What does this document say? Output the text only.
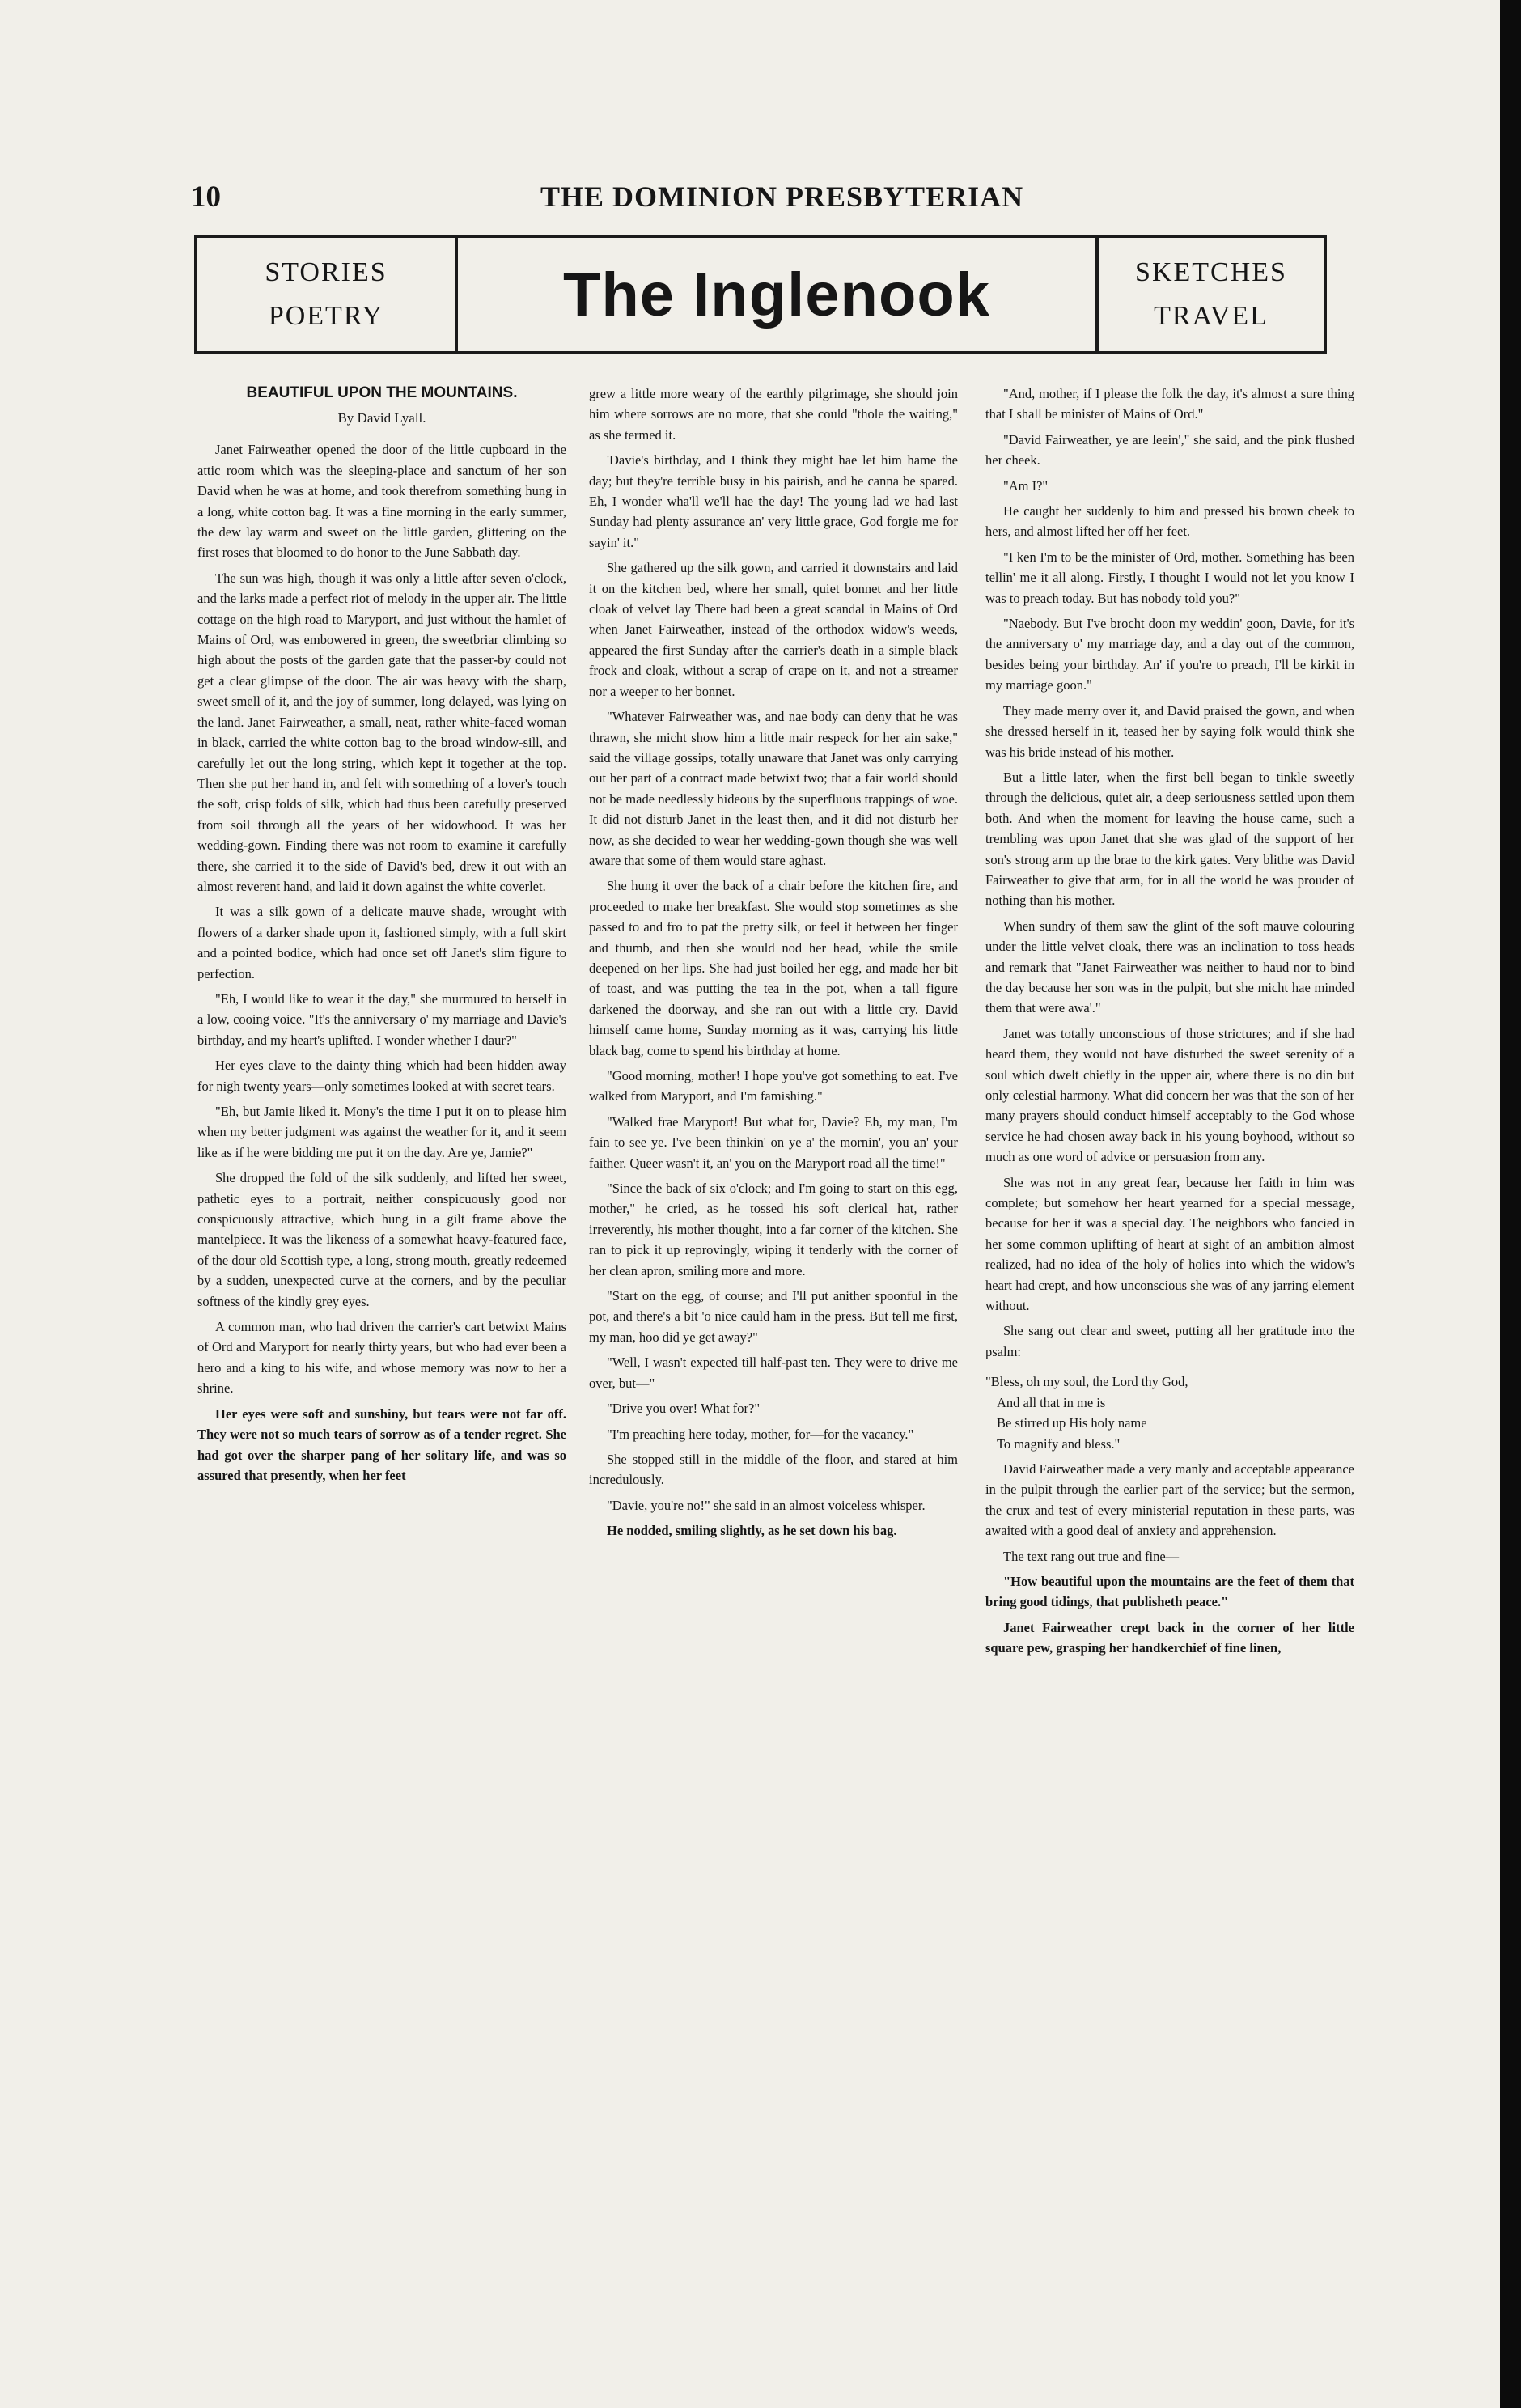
10	THE DOMINION PRESBYTERIAN
STORIES
POETRY	The Inglenook	SKETCHES
TRAVEL

BEAUTIFUL UPON THE MOUNTAINS.

By David Lyall.

Janet Fairweather opened the door of the little cupboard in the attic room which was the sleeping-place and sanctum of her son David when he was at home, and took therefrom something hung in a long, white cotton bag. It was a fine morning in the early summer, the dew lay warm and sweet on the little garden, glittering on the first roses that bloomed to do honor to the June Sabbath day.

The sun was high, though it was only a little after seven o'clock, and the larks made a perfect riot of melody in the upper air. The little cottage on the high road to Maryport, and just without the hamlet of Mains of Ord, was embowered in green, the sweetbriar climbing so high about the posts of the garden gate that the passer-by could not get a clear glimpse of the door. The air was heavy with the sharp, sweet smell of it, and the joy of summer, long delayed, was lying on the land. Janet Fairweather, a small, neat, rather white-faced woman in black, carried the white cotton bag to the broad window-sill, and carefully let out the long string, which kept it together at the top. Then she put her hand in, and felt with something of a lover's touch the soft, crisp folds of silk, which had thus been carefully preserved from soil through all the years of her widowhood. It was her wedding-gown. Finding there was not room to examine it carefully there, she carried it to the side of David's bed, drew it out with an almost reverent hand, and laid it down against the white coverlet.

It was a silk gown of a delicate mauve shade, wrought with flowers of a darker shade upon it, fashioned simply, with a full skirt and a pointed bodice, which had once set off Janet's slim figure to perfection.

"Eh, I would like to wear it the day," she murmured to herself in a low, cooing voice. "It's the anniversary o' my marriage and Davie's birthday, and my heart's uplifted. I wonder whether I daur?"

Her eyes clave to the dainty thing which had been hidden away for nigh twenty years—only sometimes looked at with secret tears.

"Eh, but Jamie liked it. Mony's the time I put it on to please him when my better judgment was against the weather for it, and it seem like as if he were bidding me put it on the day. Are ye, Jamie?"

She dropped the fold of the silk suddenly, and lifted her sweet, pathetic eyes to a portrait, neither conspicuously good nor conspicuously attractive, which hung in a gilt frame above the mantelpiece. It was the likeness of a somewhat heavy-featured face, of the dour old Scottish type, a long, strong mouth, greatly redeemed by a sudden, unexpected curve at the corners, and by the peculiar softness of the kindly grey eyes.

A common man, who had driven the carrier's cart betwixt Mains of Ord and Maryport for nearly thirty years, but who had ever been a hero and a king to his wife, and whose memory was now to her a shrine.

Her eyes were soft and sunshiny, but tears were not far off. They were not so much tears of sorrow as of a tender regret. She had got over the sharper pang of her solitary life, and was so assured that presently, when her feet

grew a little more weary of the earthly pilgrimage, she should join him where sorrows are no more, that she could "thole the waiting," as she termed it.

'Davie's birthday, and I think they might hae let him hame the day; but they're terrible busy in his pairish, and he canna be spared. Eh, I wonder wha'll we'll hae the day! The young lad we had last Sunday had plenty assurance an' very little grace, God forgie me for sayin' it."

She gathered up the silk gown, and carried it downstairs and laid it on the kitchen bed, where her small, quiet bonnet and her little cloak of velvet lay There had been a great scandal in Mains of Ord when Janet Fairweather, instead of the orthodox widow's weeds, appeared the first Sunday after the carrier's death in a simple black frock and cloak, without a scrap of crape on it, and not a streamer nor a weeper to her bonnet.

"Whatever Fairweather was, and nae body can deny that he was thrawn, she micht show him a little mair respeck for her ain sake," said the village gossips, totally unaware that Janet was only carrying out her part of a contract made betwixt two; that a fair world should not be made needlessly hideous by the superfluous trappings of woe. It did not disturb Janet in the least then, and it did not disturb her now, as she decided to wear her wedding-gown though she was well aware that some of them would stare aghast.

She hung it over the back of a chair before the kitchen fire, and proceeded to make her breakfast. She would stop sometimes as she passed to and fro to pat the pretty silk, or feel it between her finger and thumb, and then she would nod her head, while the smile deepened on her lips. She had just boiled her egg, and made her bit of toast, and was putting the tea in the pot, when a tall figure darkened the doorway, and she ran out with a little cry. David himself came home, Sunday morning as it was, carrying his little black bag, come to spend his birthday at home.

"Good morning, mother! I hope you've got something to eat. I've walked from Maryport, and I'm famishing."

"Walked frae Maryport! But what for, Davie? Eh, my man, I'm fain to see ye. I've been thinkin' on ye a' the mornin', you an' your faither. Queer wasn't it, an' you on the Maryport road all the time!"

"Since the back of six o'clock; and I'm going to start on this egg, mother," he cried, as he tossed his soft clerical hat, rather irreverently, his mother thought, into a far corner of the kitchen. She ran to pick it up reprovingly, wiping it tenderly with the corner of her clean apron, smiling more and more.

"Start on the egg, of course; and I'll put anither spoonful in the pot, and there's a bit 'o nice cauld ham in the press. But tell me first, my man, hoo did ye get away?"

"Well, I wasn't expected till half-past ten. They were to drive me over, but—"

"Drive you over! What for?"

"I'm preaching here today, mother, for—for the vacancy."

She stopped still in the middle of the floor, and stared at him incredulously.

"Davie, you're no!" she said in an almost voiceless whisper.

He nodded, smiling slightly, as he set down his bag.

"And, mother, if I please the folk the day, it's almost a sure thing that I shall be minister of Mains of Ord."

"David Fairweather, ye are leein'," she said, and the pink flushed her cheek.

"Am I?"

He caught her suddenly to him and pressed his brown cheek to hers, and almost lifted her off her feet.

"I ken I'm to be the minister of Ord, mother. Something has been tellin' me it all along. Firstly, I thought I would not let you know I was to preach today. But has nobody told you?"

"Naebody. But I've brocht doon my weddin' goon, Davie, for it's the anniversary o' my marriage day, and a day out of the common, besides being your birthday. An' if you're to preach, I'll be kirkit in my marriage goon."

They made merry over it, and David praised the gown, and when she dressed herself in it, teased her by saying folk would think she was his bride instead of his mother.

But a little later, when the first bell began to tinkle sweetly through the delicious, quiet air, a deep seriousness settled upon them both. And when the moment for leaving the house came, such a trembling was upon Janet that she was glad of the support of her son's strong arm up the brae to the kirk gates. Very blithe was David Fairweather to give that arm, for in all the world he was prouder of nothing than his mother.

When sundry of them saw the glint of the soft mauve colouring under the little velvet cloak, there was an inclination to toss heads and remark that "Janet Fairweather was neither to haud nor to bind the day because her son was in the pulpit, but she micht hae minded them that were awa'."

Janet was totally unconscious of those strictures; and if she had heard them, they would not have disturbed the sweet serenity of a soul which dwelt chiefly in the upper air, where there is no din but only celestial harmony. What did concern her was that the son of her many prayers should conduct himself acceptably to the God whose service he had chosen away back in his young boyhood, without so much as one word of advice or persuasion from any.

She was not in any great fear, because her faith in him was complete; but somehow her heart yearned for a special message, because for her it was a special day. The neighbors who fancied in her some common uplifting of heart at sight of an ambition almost realized, had no idea of the holy of holies into which the widow's heart had crept, and how unconscious she was of any jarring element without.

She sang out clear and sweet, putting all her gratitude into the psalm:

"Bless, oh my soul, the Lord thy God,
And all that in me is
Be stirred up His holy name
To magnify and bless."

David Fairweather made a very manly and acceptable appearance in the pulpit through the earlier part of the service; but the sermon, the crux and test of every ministerial reputation in these parts, was awaited with a good deal of anxiety and apprehension.

The text rang out true and fine—

"How beautiful upon the mountains are the feet of them that bring good tidings, that publisheth peace."

Janet Fairweather crept back in the corner of her little square pew, grasping her handkerchief of fine linen,
